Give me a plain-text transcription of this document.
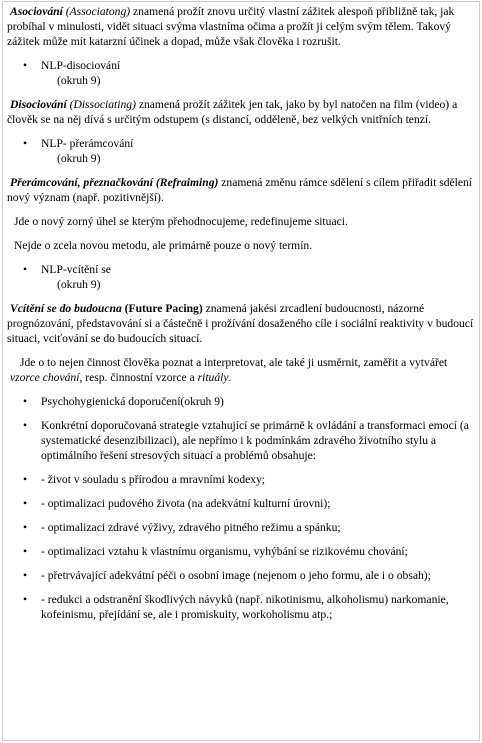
Asociování (Associatong) znamená prožít znovu určitý vlastní zážitek alespoň přibližně tak, jak probíhal v minulosti, vidět situaci svýma vlastníma očima a prožít ji celým svým tělem. Takový zážitek může mít katarzní účinek a dopad, může však člověka i rozrušit.

• NLP-disociování
(okruh 9)

Disociování (Dissociating) znamená prožít zážitek jen tak, jako by byl natočen na film (video) a člověk se na něj dívá s určitým odstupem (s distancí, odděleně, bez velkých vnitřních tenzí.

• NLP- přerámcování
(okruh 9)

Přerámcování, přeznačkování (Refraiming) znamená změnu rámce sdělení s cílem přiřadit sdělení nový význam (např. pozitivnější).

Jde o nový zorný úhel se kterým přehodnocujeme, redefinujeme situaci.

Nejde o zcela novou metodu, ale primárně pouze o nový termín.

• NLP-vcítění se
(okruh 9)

Vcítění se do budoucna (Future Pacing) znamená jakési zrcadlení budoucnosti, názorné prognózování, představování si a částečně i prožívání dosaženého cíle i sociální reaktivity v budoucí situaci, vciťování se do budoucích situací.

Jde o to nejen činnost člověka poznat a interpretovat, ale také ji usměrnit, zaměřit a vytvářet vzorce chování, resp. činnostní vzorce a rituály.

• Psychohygienická doporučení(okruh 9)
• Konkrétní doporučovaná strategie vztahující se primárně k ovládání a transformaci emocí (a systematické desenzibilizaci), ale nepřímo i k podmínkám zdravého životního stylu a optimálního řešení stresových situací a problémů obsahuje:
• - život v souladu s přírodou a mravními kodexy;
• - optimalizaci pudového života (na adekvátní kulturní úrovni);
• - optimalizaci zdravé výživy, zdravého pitného režimu a spánku;
• - optimalizaci vztahu k vlastnímu organismu, vyhýbání se rizikovému chování;
• - přetrvávající adekvátní péči o osobní image (nejenom o jeho formu, ale i o obsah);
• - redukci a odstranění škodlivých návyků (např. nikotinismu, alkoholismu) narkomanie, kofeinismu, přejídání se, ale i promiskuity, workoholismu atp.;
